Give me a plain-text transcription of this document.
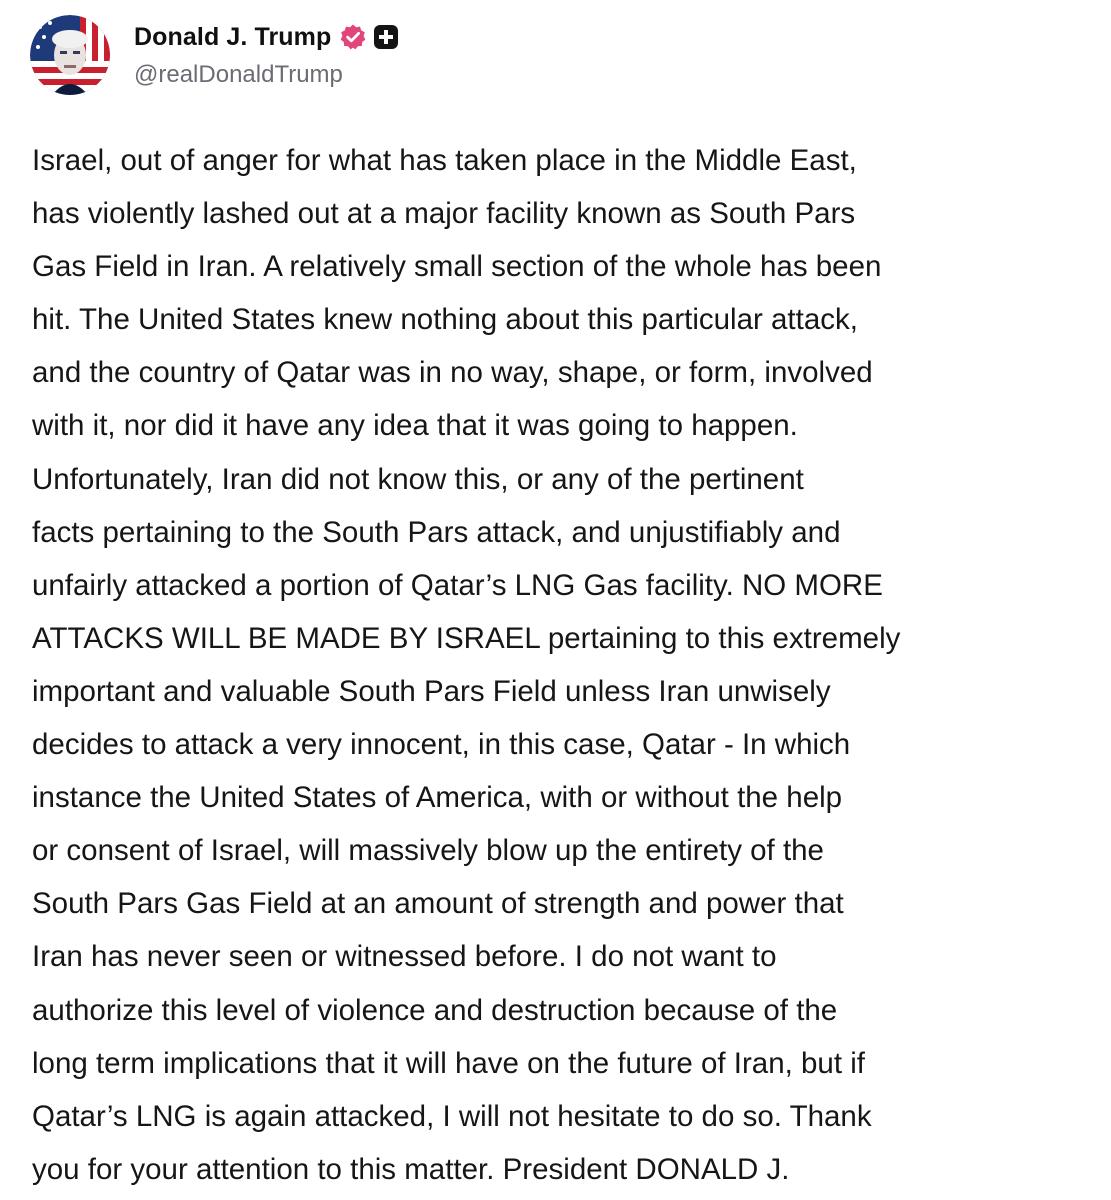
Donald J. Trump
@realDonaldTrump
Israel, out of anger for what has taken place in the Middle East,
has violently lashed out at a major facility known as South Pars
Gas Field in Iran. A relatively small section of the whole has been
hit. The United States knew nothing about this particular attack,
and the country of Qatar was in no way, shape, or form, involved
with it, nor did it have any idea that it was going to happen.
Unfortunately, Iran did not know this, or any of the pertinent
facts pertaining to the South Pars attack, and unjustifiably and
unfairly attacked a portion of Qatar’s LNG Gas facility. NO MORE
ATTACKS WILL BE MADE BY ISRAEL pertaining to this extremely
important and valuable South Pars Field unless Iran unwisely
decides to attack a very innocent, in this case, Qatar - In which
instance the United States of America, with or without the help
or consent of Israel, will massively blow up the entirety of the
South Pars Gas Field at an amount of strength and power that
Iran has never seen or witnessed before. I do not want to
authorize this level of violence and destruction because of the
long term implications that it will have on the future of Iran, but if
Qatar’s LNG is again attacked, I will not hesitate to do so. Thank
you for your attention to this matter. President DONALD J.
